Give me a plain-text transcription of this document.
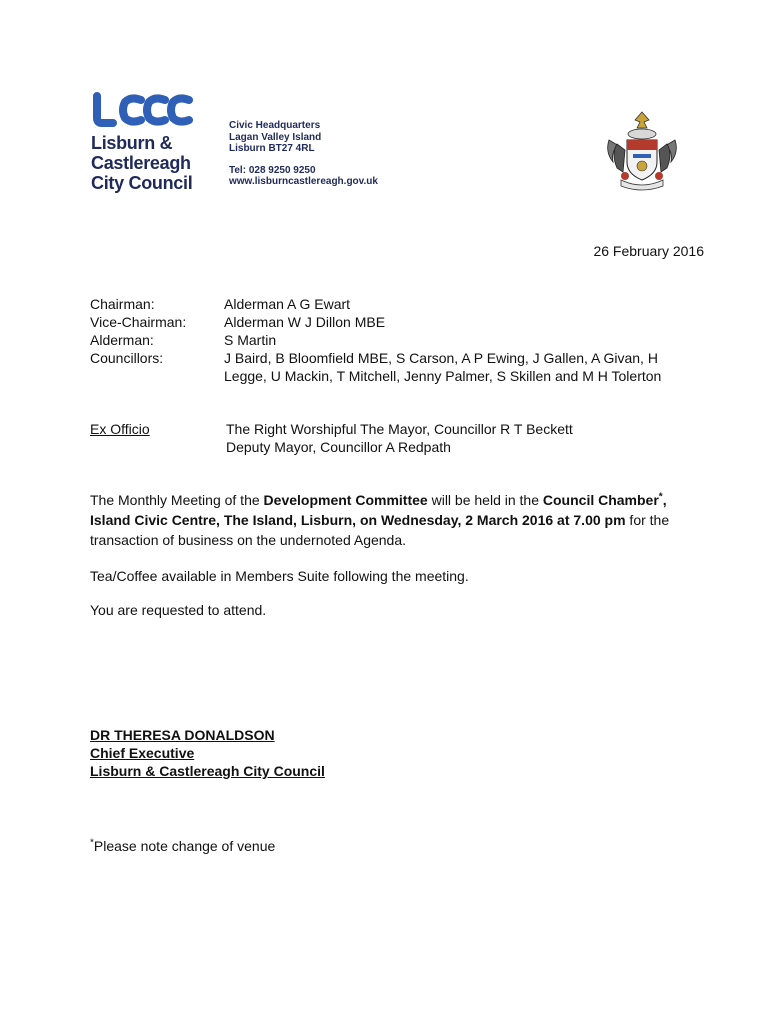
Lisburn &
Castlereagh
City Council
Civic Headquarters
Lagan Valley Island
Lisburn BT27 4RL
Tel: 028 9250 9250
www.lisburncastlereagh.gov.uk
26 February 2016
Chairman:	Alderman A G Ewart
Vice-Chairman:	Alderman W J Dillon MBE
Alderman:	S Martin
Councillors:	J Baird, B Bloomfield MBE, S Carson, A P Ewing, J Gallen, A Givan, H Legge, U Mackin, T Mitchell, Jenny Palmer, S Skillen and M H Tolerton
Ex Officio	The Right Worshipful The Mayor, Councillor R T Beckett
Deputy Mayor, Councillor A Redpath
The Monthly Meeting of the Development Committee will be held in the Council Chamber*, Island Civic Centre, The Island, Lisburn, on Wednesday, 2 March 2016 at 7.00 pm for the transaction of business on the undernoted Agenda.
Tea/Coffee available in Members Suite following the meeting.
You are requested to attend.
DR THERESA DONALDSON
Chief Executive
Lisburn & Castlereagh City Council
*Please note change of venue
